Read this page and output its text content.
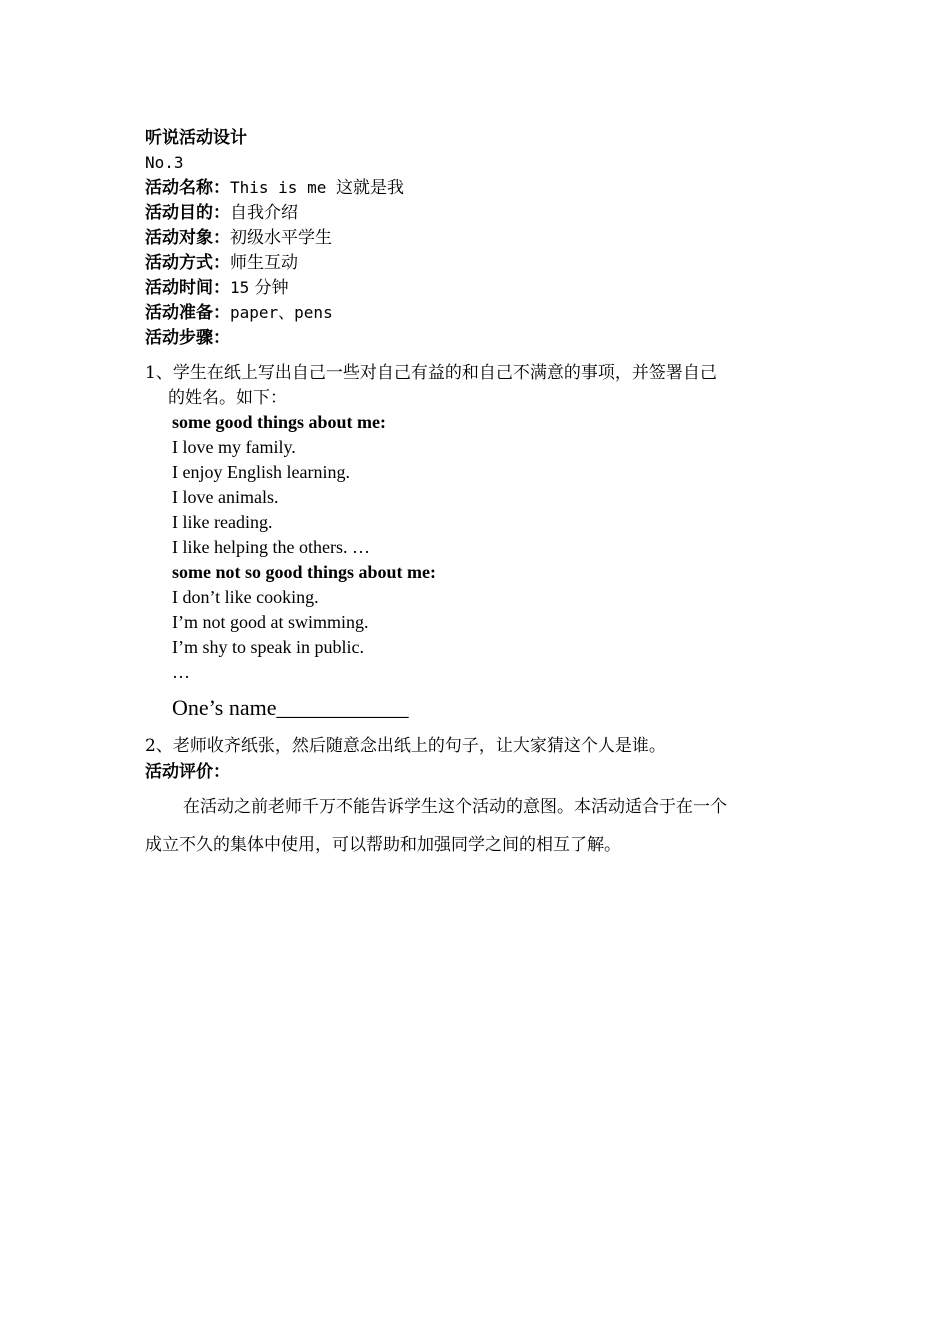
听说活动设计
No.3
活动名称：This is me 这就是我
活动目的：自我介绍
活动对象：初级水平学生
活动方式：师生互动
活动时间：15 分钟
活动准备：paper、pens
活动步骤：
1、学生在纸上写出自己一些对自己有益的和自己不满意的事项，并签署自己
的姓名。如下：
some good things about me:
I love my family.
I enjoy English learning.
I love animals.
I like reading.
I like helping the others. …
some not so good things about me:
I don’t like cooking.
I’m not good at swimming.
I’m shy to speak in public.
…
One’s name____________
2、老师收齐纸张，然后随意念出纸上的句子，让大家猜这个人是谁。
活动评价：
在活动之前老师千万不能告诉学生这个活动的意图。本活动适合于在一个
成立不久的集体中使用，可以帮助和加强同学之间的相互了解。
